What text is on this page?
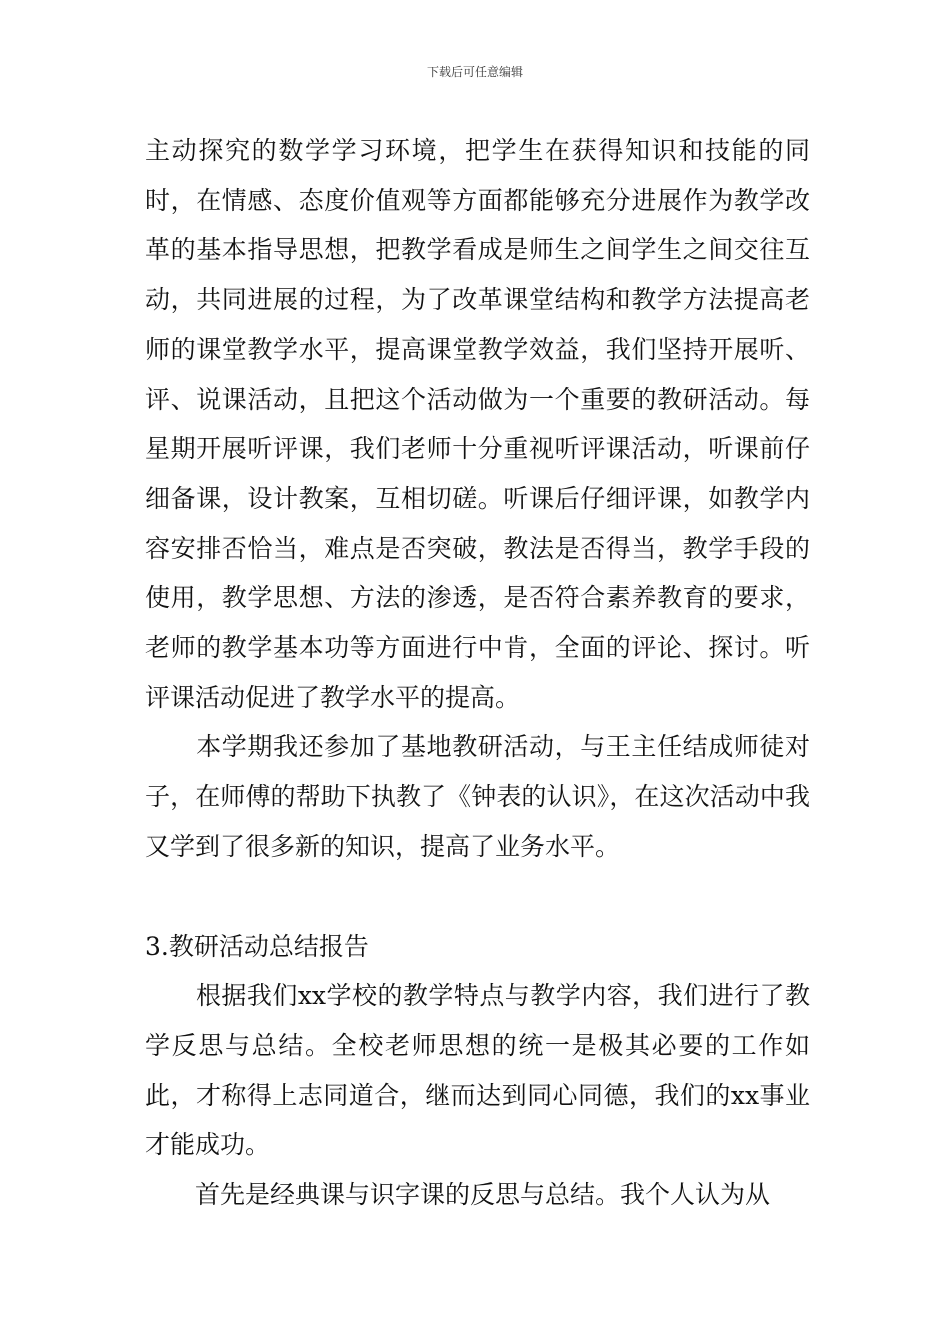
下载后可任意编辑

主动探究的数学学习环境，把学生在获得知识和技能的同时，在情感、态度价值观等方面都能够充分进展作为教学改革的基本指导思想，把教学看成是师生之间学生之间交往互动，共同进展的过程，为了改革课堂结构和教学方法提高老师的课堂教学水平，提高课堂教学效益，我们坚持开展听、评、说课活动，且把这个活动做为一个重要的教研活动。每星期开展听评课，我们老师十分重视听评课活动，听课前仔细备课，设计教案，互相切磋。听课后仔细评课，如教学内容安排否恰当，难点是否突破，教法是否得当，教学手段的使用，教学思想、方法的渗透，是否符合素养教育的要求，老师的教学基本功等方面进行中肯，全面的评论、探讨。听评课活动促进了教学水平的提高。

　　本学期我还参加了基地教研活动，与王主任结成师徒对子，在师傅的帮助下执教了《钟表的认识》，在这次活动中我又学到了很多新的知识，提高了业务水平。

3.教研活动总结报告

　　根据我们xx学校的教学特点与教学内容，我们进行了教学反思与总结。全校老师思想的统一是极其必要的工作如此，才称得上志同道合，继而达到同心同德，我们的xx事业才能成功。

　　首先是经典课与识字课的反思与总结。我个人认为从
